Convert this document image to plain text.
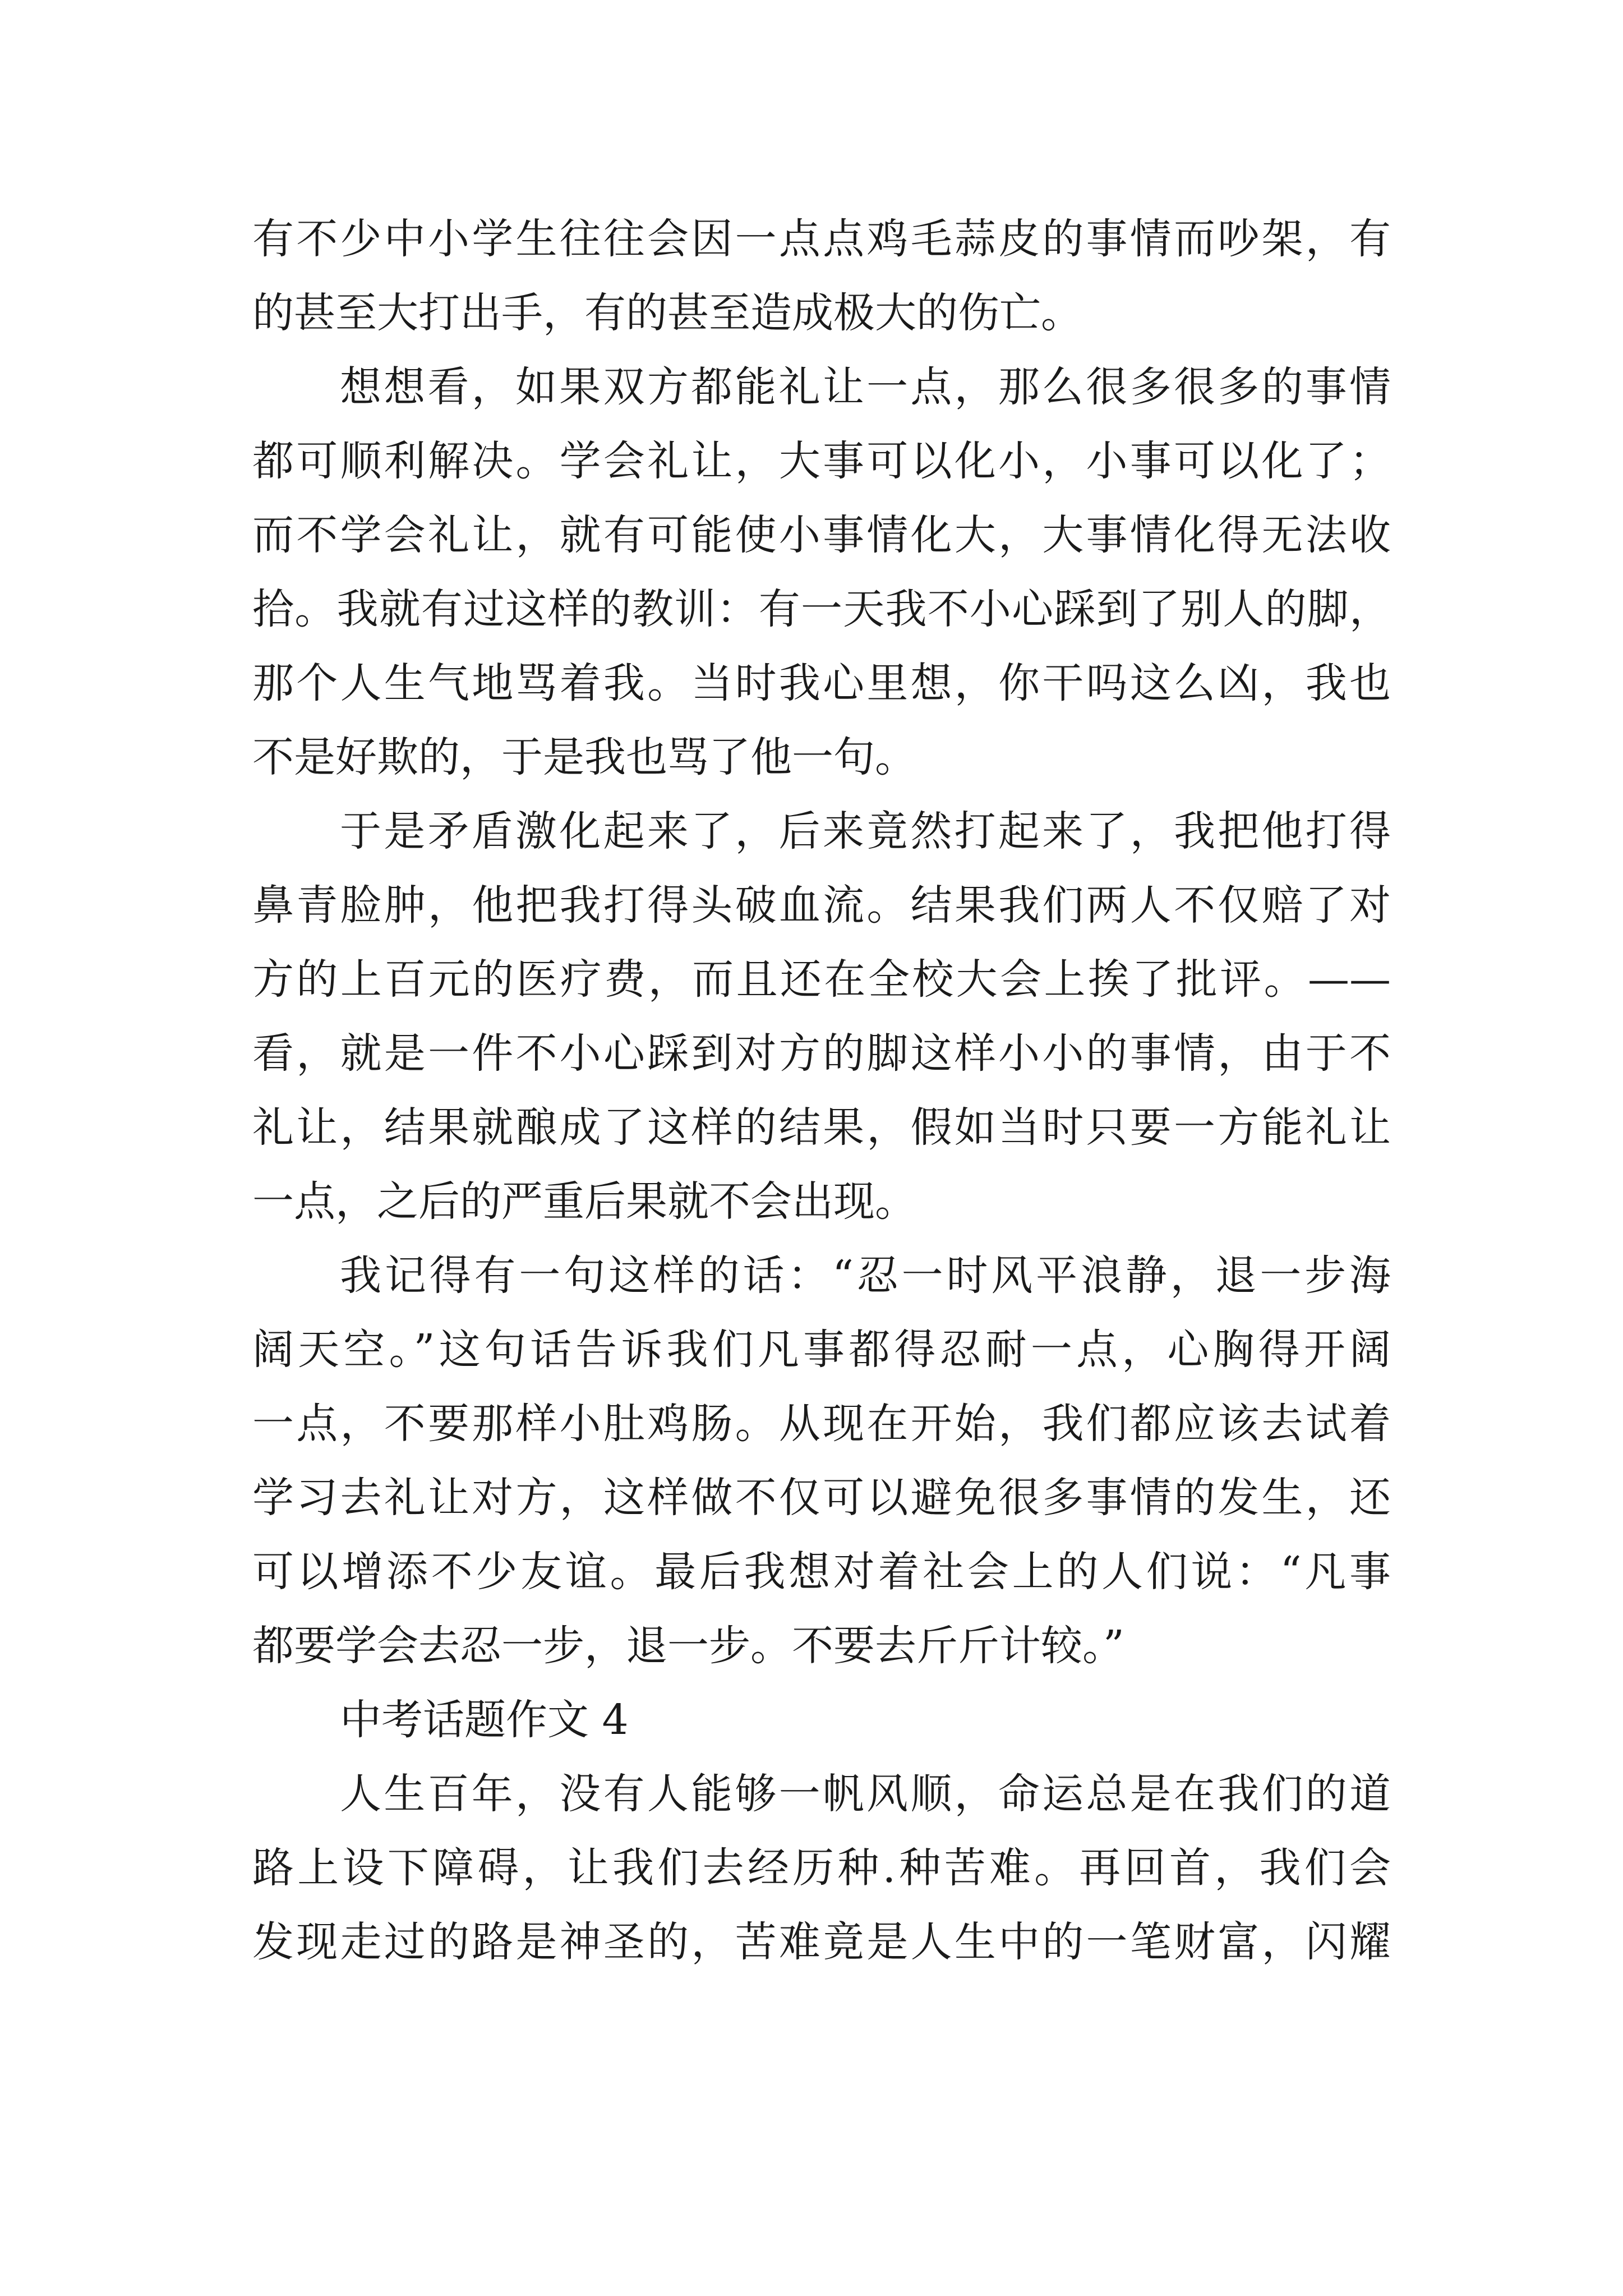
有不少中小学生往往会因一点点鸡毛蒜皮的事情而吵架，有
的甚至大打出手，有的甚至造成极大的伤亡。
想想看，如果双方都能礼让一点，那么很多很多的事情
都可顺利解决。学会礼让，大事可以化小，小事可以化了；
而不学会礼让，就有可能使小事情化大，大事情化得无法收
拾。我就有过这样的教训：有一天我不小心踩到了别人的脚，
那个人生气地骂着我。当时我心里想，你干吗这么凶，我也
不是好欺的，于是我也骂了他一句。
于是矛盾激化起来了，后来竟然打起来了，我把他打得
鼻青脸肿，他把我打得头破血流。结果我们两人不仅赔了对
方的上百元的医疗费，而且还在全校大会上挨了批评。——
看，就是一件不小心踩到对方的脚这样小小的事情，由于不
礼让，结果就酿成了这样的结果，假如当时只要一方能礼让
一点，之后的严重后果就不会出现。
我记得有一句这样的话：“忍一时风平浪静，退一步海
阔天空。”这句话告诉我们凡事都得忍耐一点，心胸得开阔
一点，不要那样小肚鸡肠。从现在开始，我们都应该去试着
学习去礼让对方，这样做不仅可以避免很多事情的发生，还
可以增添不少友谊。最后我想对着社会上的人们说：“凡事
都要学会去忍一步，退一步。不要去斤斤计较。”
中考话题作文 4
人生百年，没有人能够一帆风顺，命运总是在我们的道
路上设下障碍，让我们去经历种.种苦难。再回首，我们会
发现走过的路是神圣的，苦难竟是人生中的一笔财富，闪耀
